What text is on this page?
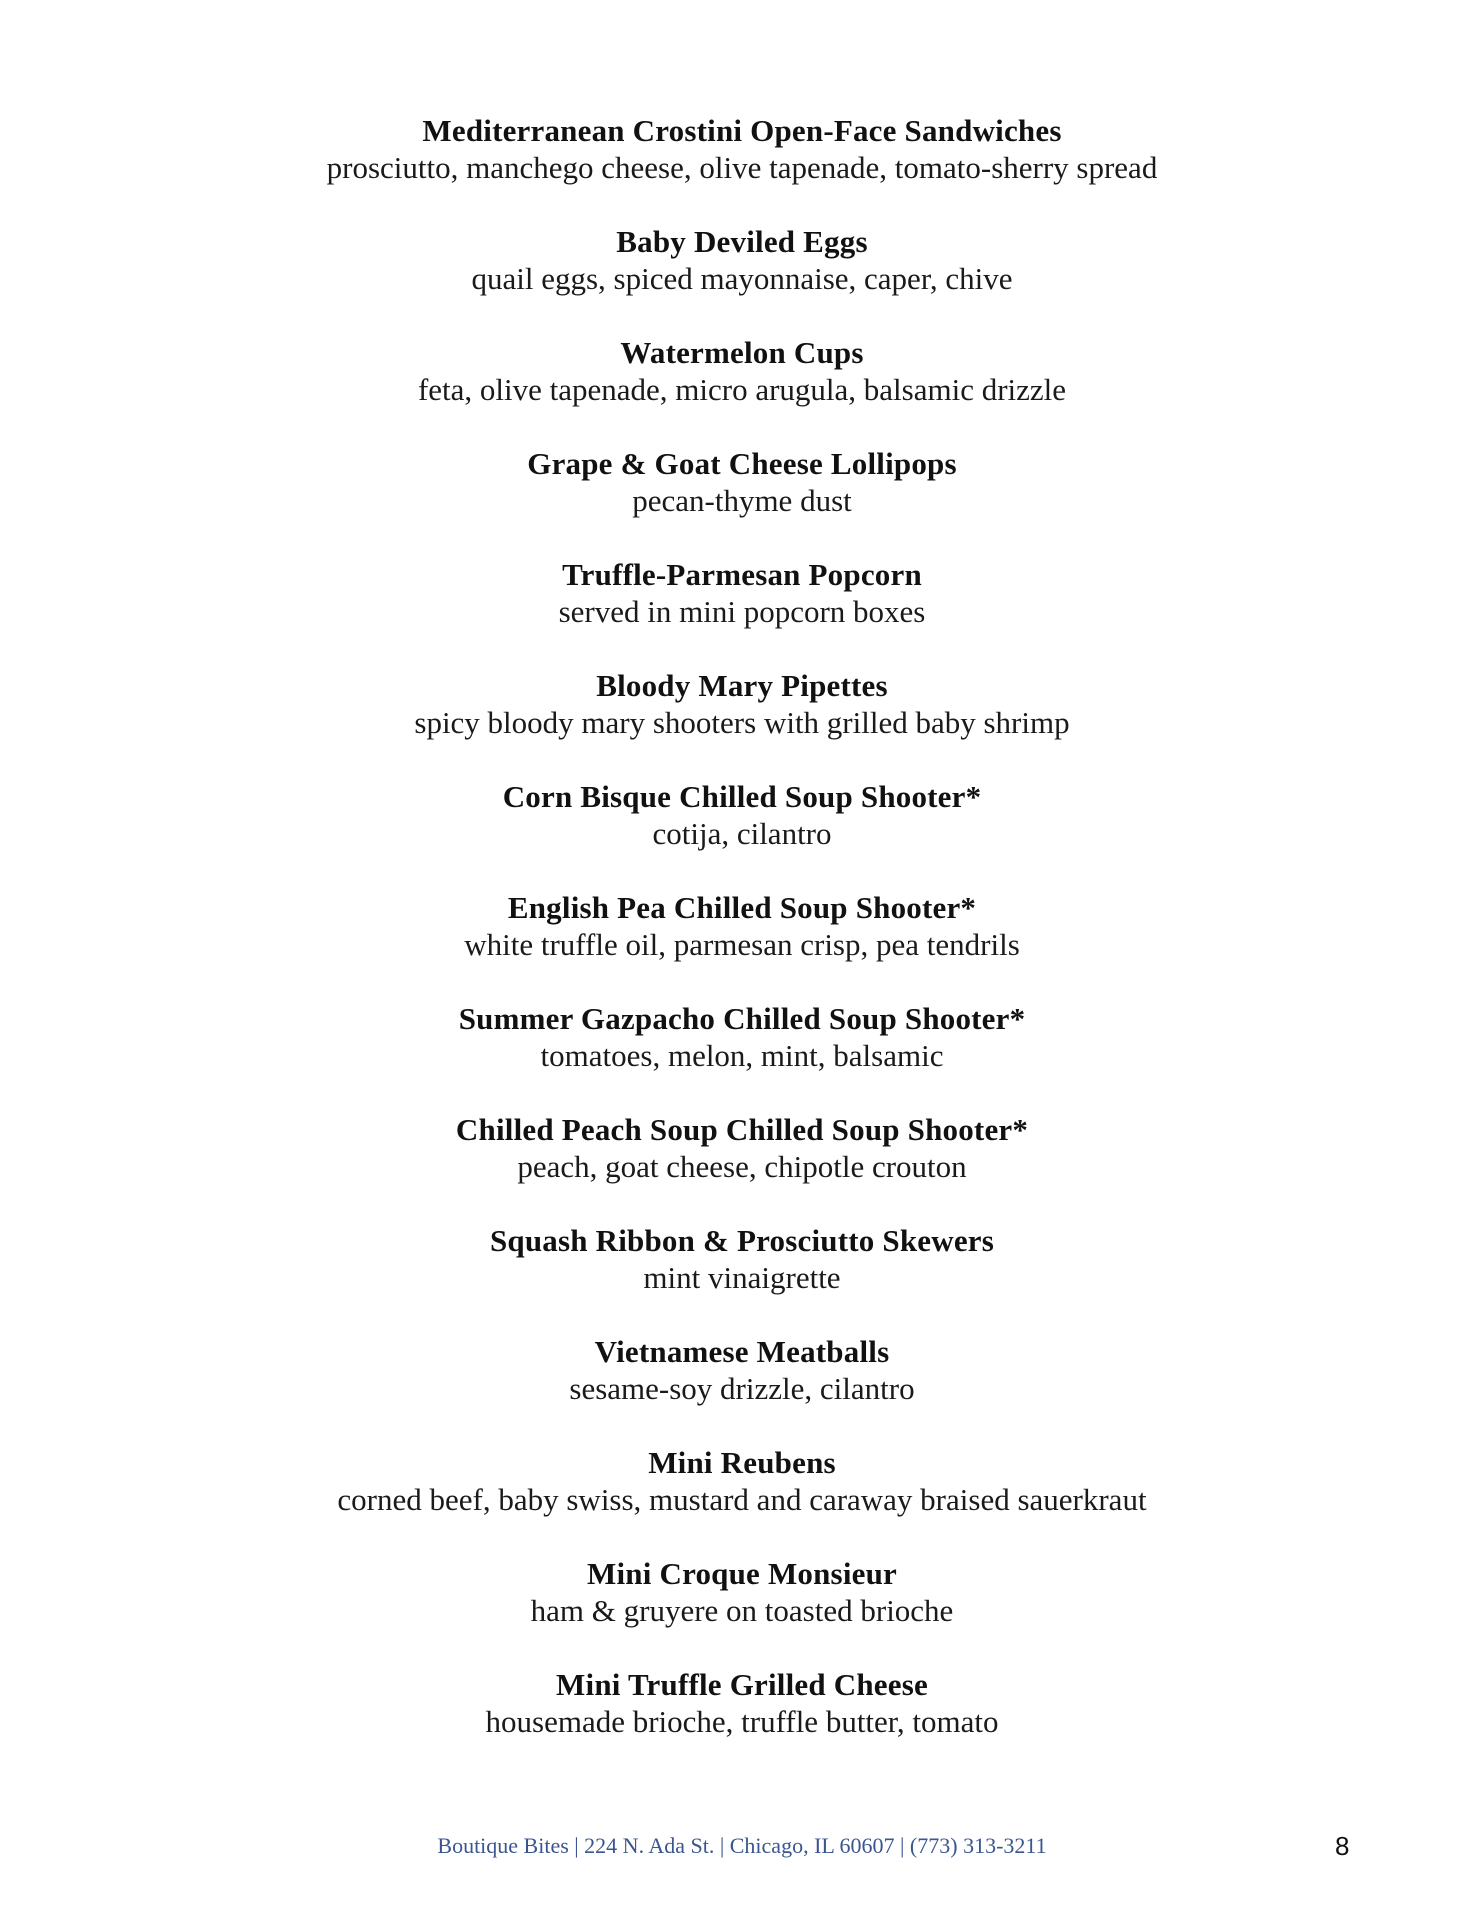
Mediterranean Crostini Open-Face Sandwiches

prosciutto, manchego cheese, olive tapenade, tomato-sherry spread

Baby Deviled Eggs

quail eggs, spiced mayonnaise, caper, chive

Watermelon Cups

feta, olive tapenade, micro arugula, balsamic drizzle

Grape & Goat Cheese Lollipops

pecan-thyme dust

Truffle-Parmesan Popcorn

served in mini popcorn boxes

Bloody Mary Pipettes

spicy bloody mary shooters with grilled baby shrimp

Corn Bisque Chilled Soup Shooter*

cotija, cilantro

English Pea Chilled Soup Shooter*

white truffle oil, parmesan crisp, pea tendrils

Summer Gazpacho Chilled Soup Shooter*

tomatoes, melon, mint, balsamic

Chilled Peach Soup Chilled Soup Shooter*

peach, goat cheese, chipotle crouton

Squash Ribbon & Prosciutto Skewers

mint vinaigrette

Vietnamese Meatballs

sesame-soy drizzle, cilantro

Mini Reubens

corned beef, baby swiss, mustard and caraway braised sauerkraut

Mini Croque Monsieur

ham & gruyere on toasted brioche

Mini Truffle Grilled Cheese

housemade brioche, truffle butter, tomato

Boutique Bites | 224 N. Ada St. | Chicago, IL 60607 | (773) 313-3211	8
